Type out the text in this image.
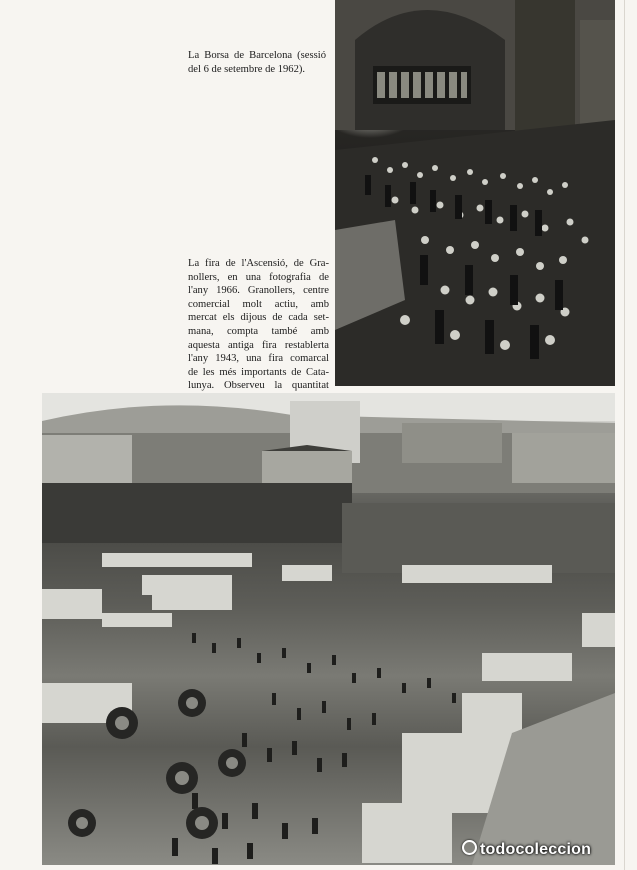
La Borsa de Barcelona (sessió
del 6 de setembre de 1962).

La fira de l'Ascensió, de Gra-
nollers, en una fotografia de
l'any 1966. Granollers, centre
comercial molt actiu, amb
mercat els dijous de cada set-
mana, compta també amb
aquesta antiga fira restablerta
l'any 1943, una fira comarcal
de les més importants de Cata-
lunya. Observeu la quantitat

todocoleccion
